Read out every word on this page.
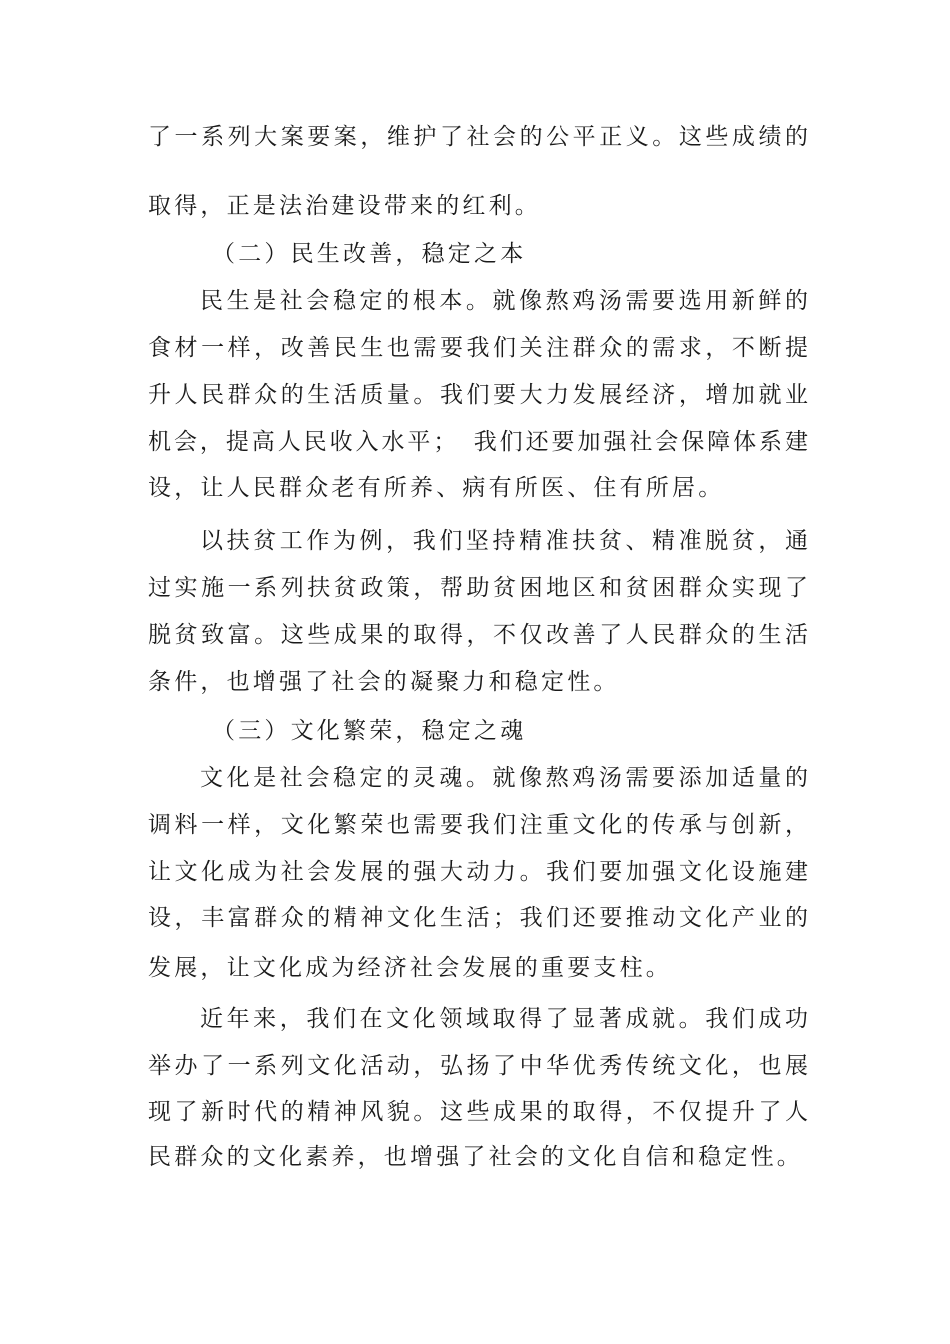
了一系列大案要案，维护了社会的公平正义。这些成绩的
取得，正是法治建设带来的红利。
（二）民生改善，稳定之本
民生是社会稳定的根本。就像熬鸡汤需要选用新鲜的
食材一样，改善民生也需要我们关注群众的需求，不断提
升人民群众的生活质量。我们要大力发展经济，增加就业
机会，提高人民收入水平；　我们还要加强社会保障体系建
设，让人民群众老有所养、病有所医、住有所居。
以扶贫工作为例，我们坚持精准扶贫、精准脱贫，通
过实施一系列扶贫政策，帮助贫困地区和贫困群众实现了
脱贫致富。这些成果的取得，不仅改善了人民群众的生活
条件，也增强了社会的凝聚力和稳定性。
（三）文化繁荣，稳定之魂
文化是社会稳定的灵魂。就像熬鸡汤需要添加适量的
调料一样，文化繁荣也需要我们注重文化的传承与创新，
让文化成为社会发展的强大动力。我们要加强文化设施建
设，丰富群众的精神文化生活；我们还要推动文化产业的
发展，让文化成为经济社会发展的重要支柱。
近年来，我们在文化领域取得了显著成就。我们成功
举办了一系列文化活动，弘扬了中华优秀传统文化，也展
现了新时代的精神风貌。这些成果的取得，不仅提升了人
民群众的文化素养，也增强了社会的文化自信和稳定性。
